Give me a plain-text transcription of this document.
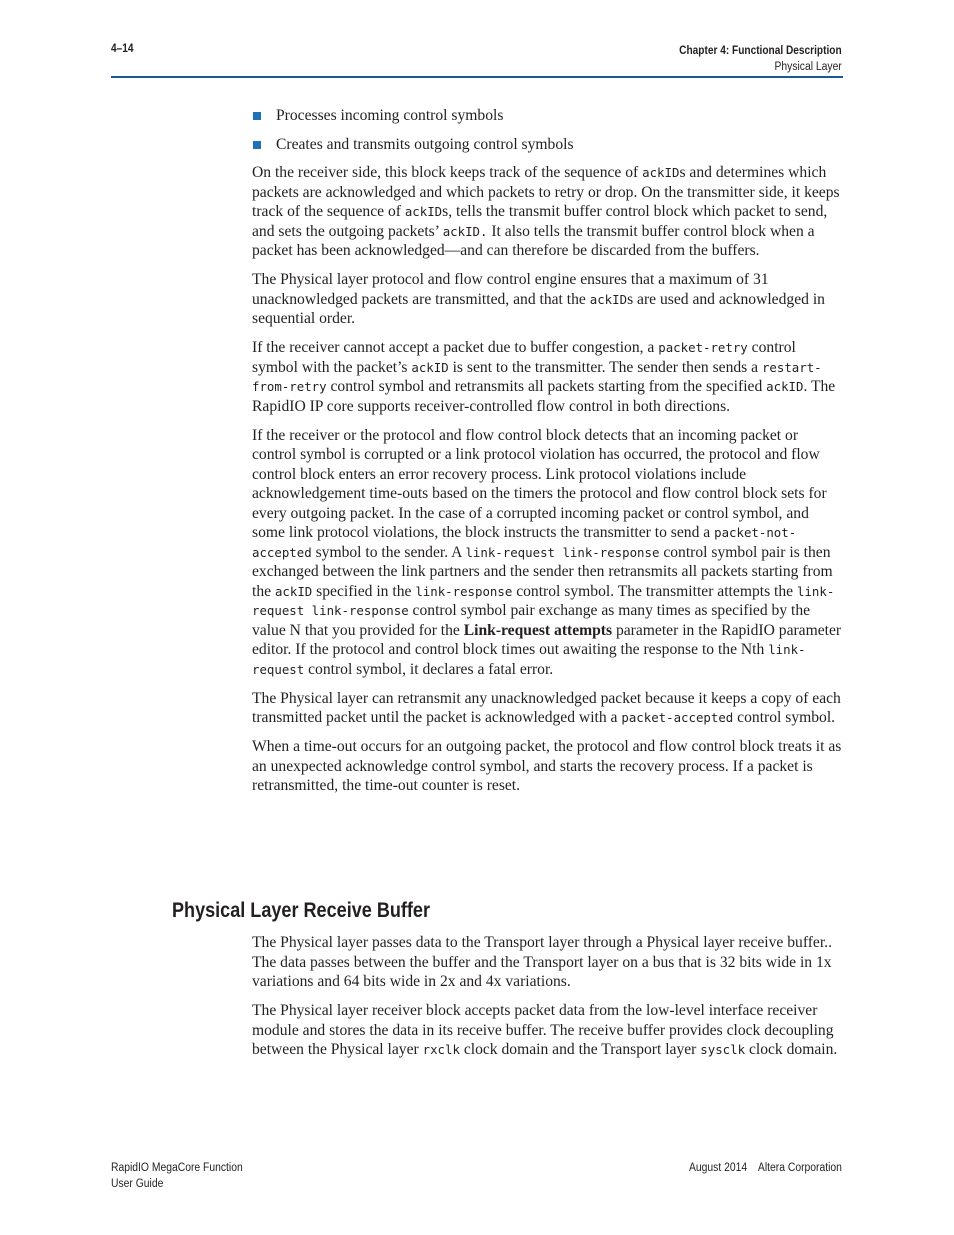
4–14	Chapter 4: Functional Description
Physical Layer
Processes incoming control symbols
Creates and transmits outgoing control symbols

On the receiver side, this block keeps track of the sequence of ackIDs and determines which packets are acknowledged and which packets to retry or drop. On the transmitter side, it keeps track of the sequence of ackIDs, tells the transmit buffer control block which packet to send, and sets the outgoing packets’ ackID. It also tells the transmit buffer control block when a packet has been acknowledged—and can therefore be discarded from the buffers.

The Physical layer protocol and flow control engine ensures that a maximum of 31 unacknowledged packets are transmitted, and that the ackIDs are used and acknowledged in sequential order.

If the receiver cannot accept a packet due to buffer congestion, a packet-retry control symbol with the packet’s ackID is sent to the transmitter. The sender then sends a restart-from-retry control symbol and retransmits all packets starting from the specified ackID. The RapidIO IP core supports receiver-controlled flow control in both directions.

If the receiver or the protocol and flow control block detects that an incoming packet or control symbol is corrupted or a link protocol violation has occurred, the protocol and flow control block enters an error recovery process. Link protocol violations include acknowledgement time-outs based on the timers the protocol and flow control block sets for every outgoing packet. In the case of a corrupted incoming packet or control symbol, and some link protocol violations, the block instructs the transmitter to send a packet-not-accepted symbol to the sender. A link-request link-response control symbol pair is then exchanged between the link partners and the sender then retransmits all packets starting from the ackID specified in the link-response control symbol. The transmitter attempts the link-request link-response control symbol pair exchange as many times as specified by the value N that you provided for the Link-request attempts parameter in the RapidIO parameter editor. If the protocol and control block times out awaiting the response to the Nth link-request control symbol, it declares a fatal error.

The Physical layer can retransmit any unacknowledged packet because it keeps a copy of each transmitted packet until the packet is acknowledged with a packet-accepted control symbol.

When a time-out occurs for an outgoing packet, the protocol and flow control block treats it as an unexpected acknowledge control symbol, and starts the recovery process. If a packet is retransmitted, the time-out counter is reset.

Physical Layer Receive Buffer

The Physical layer passes data to the Transport layer through a Physical layer receive buffer.. The data passes between the buffer and the Transport layer on a bus that is 32 bits wide in 1x variations and 64 bits wide in 2x and 4x variations.

The Physical layer receiver block accepts packet data from the low-level interface receiver module and stores the data in its receive buffer. The receive buffer provides clock decoupling between the Physical layer rxclk clock domain and the Transport layer sysclk clock domain.

RapidIO MegaCore Function
User Guide
August 2014 Altera Corporation
